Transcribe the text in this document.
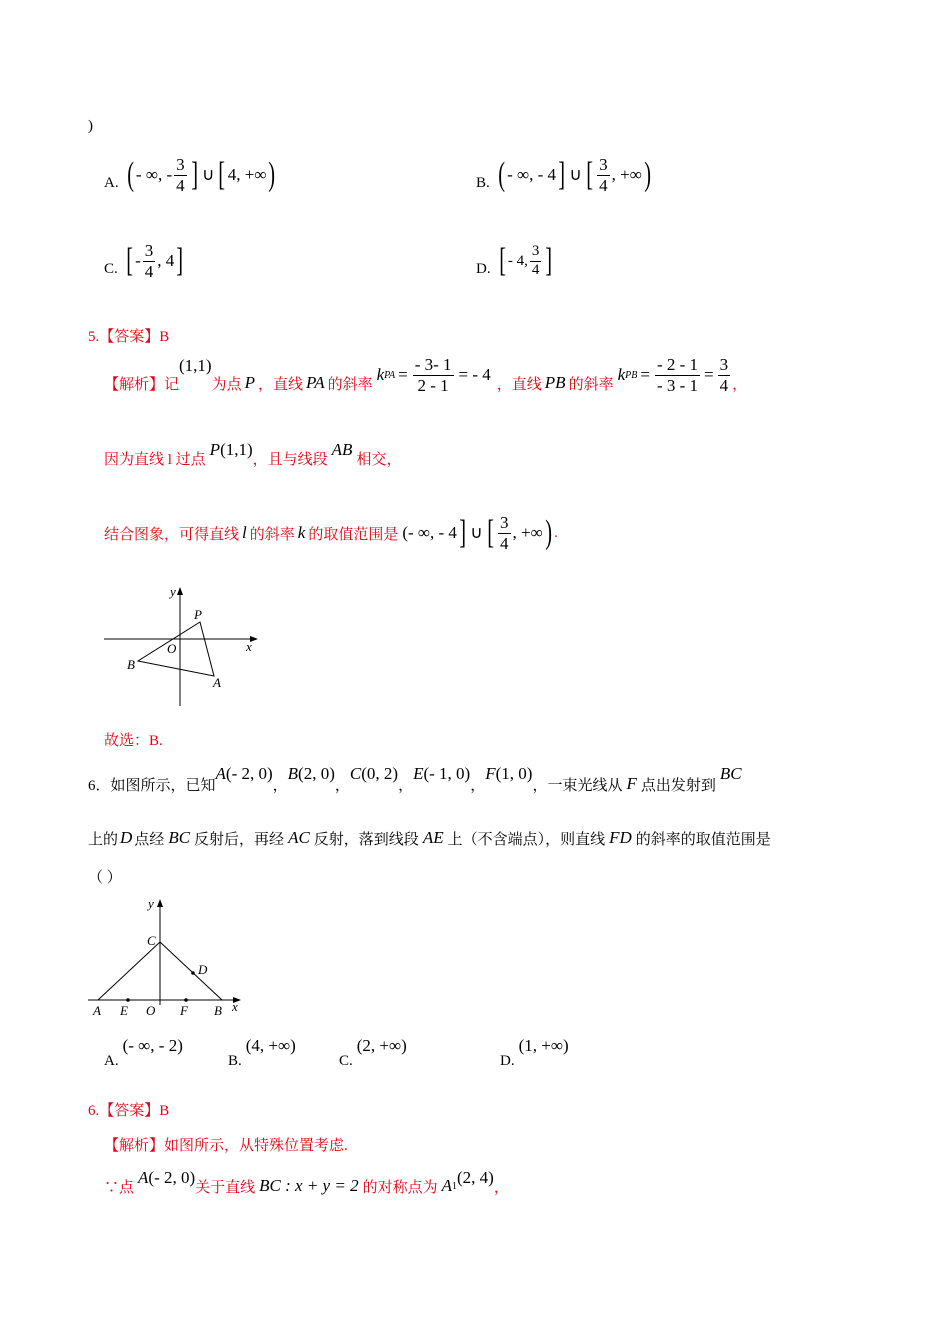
)
A. ( - ∞, - $\frac{3}{4}$ ] ∪ [ 4, +∞ )	B. ( - ∞, - 4 ] ∪ [ $\frac{3}{4}$ , +∞ )
C. [ - $\frac{3}{4}$ , 4 ]	D. [ - 4, $\frac{3}{4}$ ]
5.【答案】B
【解析】记
(1,1)
为点 P ，直线 PA 的斜率
k PA = $\frac{- 3- 1}{2 - 1}$ = - 4
，直线 PB 的斜率
k PB = $\frac{- 2 - 1}{- 3 - 1} = \frac{3}{4}$ ，
因为直线 l 过点
P (1,1)
，且与线段
AB
相交，
结合图象，可得直线 l 的斜率 k 的取值范围是 (- ∞, - 4 ] ∪ [ $\frac{3}{4}$ , +∞ ) .
y
x
P
O
B
A
故选：B.
6．如图所示，已知
A (- 2, 0)
，
B (2, 0)
，
C (0, 2)
，
E (- 1, 0)
，
F (1, 0)
，一束光线从 F 点出发射到
BC
上的 D 点经 BC 反射后，再经 AC 反射，落到线段 AE 上（不含端点），则直线 FD 的斜率的取值范围是
（ ）
y
C
D
A E O F B x
A.
(- ∞, - 2)
B.
(4, +∞)
C.
(2, +∞)
D.
(1, +∞)
6.【答案】B
【解析】如图所示，从特殊位置考虑.
∵点
A (- 2, 0)
关于直线 BC : x + y = 2 的对称点为 A 1 (2, 4)
，
